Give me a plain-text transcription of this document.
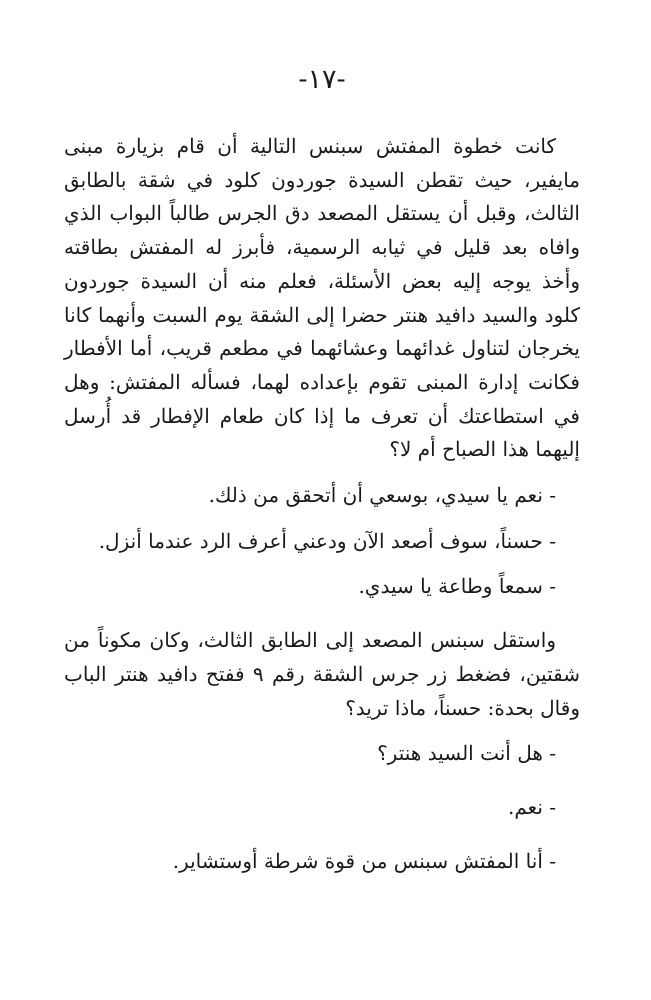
-١٧-

كانت خطوة المفتش سبنس التالية أن قام بزيارة مبنى مايفير، حيث تقطن السيدة جوردون كلود في شقة بالطابق الثالث، وقبل أن يستقل المصعد دق الجرس طالباً البواب الذي وافاه بعد قليل في ثيابه الرسمية، فأبرز له المفتش بطاقته وأخذ يوجه إليه بعض الأسئلة، فعلم منه أن السيدة جوردون كلود والسيد دافيد هنتر حضرا إلى الشقة يوم السبت وأنهما كانا يخرجان لتناول غدائهما وعشائهما في مطعم قريب، أما الأفطار فكانت إدارة المبنى تقوم بإعداده لهما، فسأله المفتش: وهل في استطاعتك أن تعرف ما إذا كان طعام الإفطار قد أُرسل إليهما هذا الصباح أم لا؟

- نعم يا سيدي، بوسعي أن أتحقق من ذلك.

- حسناً، سوف أصعد الآن ودعني أعرف الرد عندما أنزل.

- سمعاً وطاعة يا سيدي.

واستقل سبنس المصعد إلى الطابق الثالث، وكان مكوناً من شقتين، فضغط زر جرس الشقة رقم ٩ ففتح دافيد هنتر الباب وقال بحدة: حسناً، ماذا تريد؟

- هل أنت السيد هنتر؟

- نعم.

- أنا المفتش سبنس من قوة شرطة أوستشاير.
